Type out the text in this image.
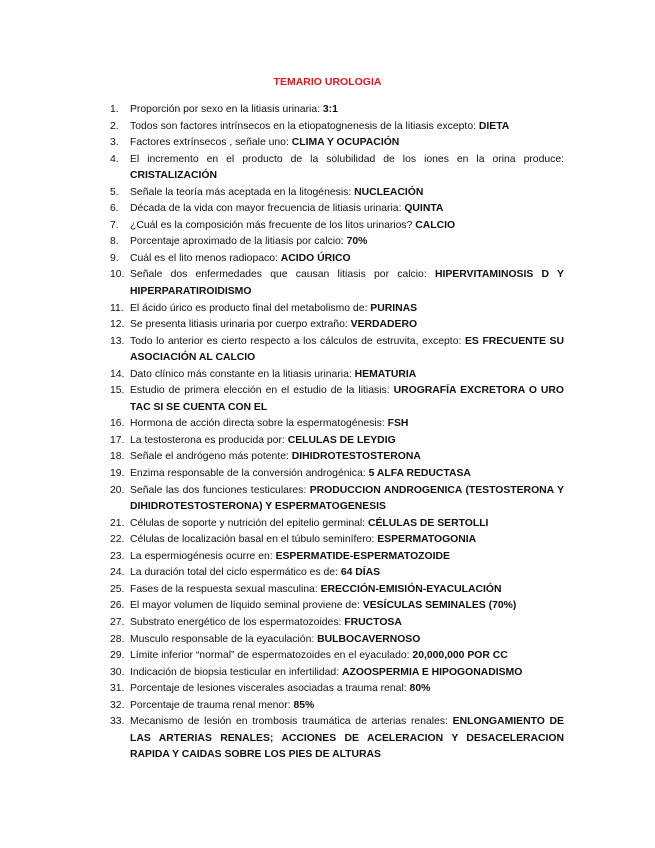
TEMARIO UROLOGIA
1. Proporción por sexo en la litiasis urinaria: 3:1
2. Todos son factores intrínsecos en la etiopatognenesis de la litiasis excepto: DIETA
3. Factores extrínsecos , señale uno: CLIMA Y OCUPACIÓN
4. El incremento en el producto de la solubilidad de los iones en la orina produce: CRISTALIZACIÓN
5. Señale la teoría más aceptada en la litogénesis: NUCLEACIÓN
6. Década de la vida con mayor frecuencia de litiasis urinaria: QUINTA
7. ¿Cuál es la composición más frecuente de los litos urinarios? CALCIO
8. Porcentaje aproximado de la litiasis por calcio: 70%
9. Cuál es el lito menos radiopaco: ACIDO ÚRICO
10. Señale dos enfermedades que causan litiasis por calcio: HIPERVITAMINOSIS D Y HIPERPARATIROIDISMO
11. El ácido úrico es producto final del metabolismo de: PURINAS
12. Se presenta litiasis urinaria por cuerpo extraño: VERDADERO
13. Todo lo anterior es cierto respecto a los cálculos de estruvita, excepto: ES FRECUENTE SU ASOCIACIÓN AL CALCIO
14. Dato clínico más constante en la litiasis urinaria: HEMATURIA
15. Estudio de primera elección en el estudio de la litiasis: UROGRAFÍA EXCRETORA O URO TAC SI SE CUENTA CON EL
16. Hormona de acción directa sobre la espermatogénesis: FSH
17. La testosterona es producida por: CELULAS DE LEYDIG
18. Señale el andrógeno más potente: DIHIDROTESTOSTERONA
19. Enzima responsable de la conversión androgénica: 5 ALFA REDUCTASA
20. Señale las dos funciones testiculares: PRODUCCION ANDROGENICA (TESTOSTERONA Y DIHIDROTESTOSTERONA) Y ESPERMATOGENESIS
21. Células de soporte y nutrición del epitelio germinal: CÉLULAS DE SERTOLLI
22. Células de localización basal en el túbulo seminífero: ESPERMATOGONIA
23. La espermiogénesis ocurre en: ESPERMATIDE-ESPERMATOZOIDE
24. La duración total del ciclo espermático es de: 64 DÍAS
25. Fases de la respuesta sexual masculina: ERECCIÓN-EMISIÓN-EYACULACIÓN
26. El mayor volumen de líquido seminal proviene de: VESÍCULAS SEMINALES (70%)
27. Substrato energético de los espermatozoides: FRUCTOSA
28. Musculo responsable de la eyaculación: BULBOCAVERNOSO
29. Límite inferior “normal” de espermatozoides en el eyaculado: 20,000,000 POR CC
30. Indicación de biopsia testicular en infertilidad: AZOOSPERMIA E HIPOGONADISMO
31. Porcentaje de lesiones viscerales asociadas a trauma renal: 80%
32. Porcentaje de trauma renal menor: 85%
33. Mecanismo de lesión en trombosis traumática de arterias renales: ENLONGAMIENTO DE LAS ARTERIAS RENALES; ACCIONES DE ACELERACION Y DESACELERACION RAPIDA Y CAIDAS SOBRE LOS PIES DE ALTURAS
